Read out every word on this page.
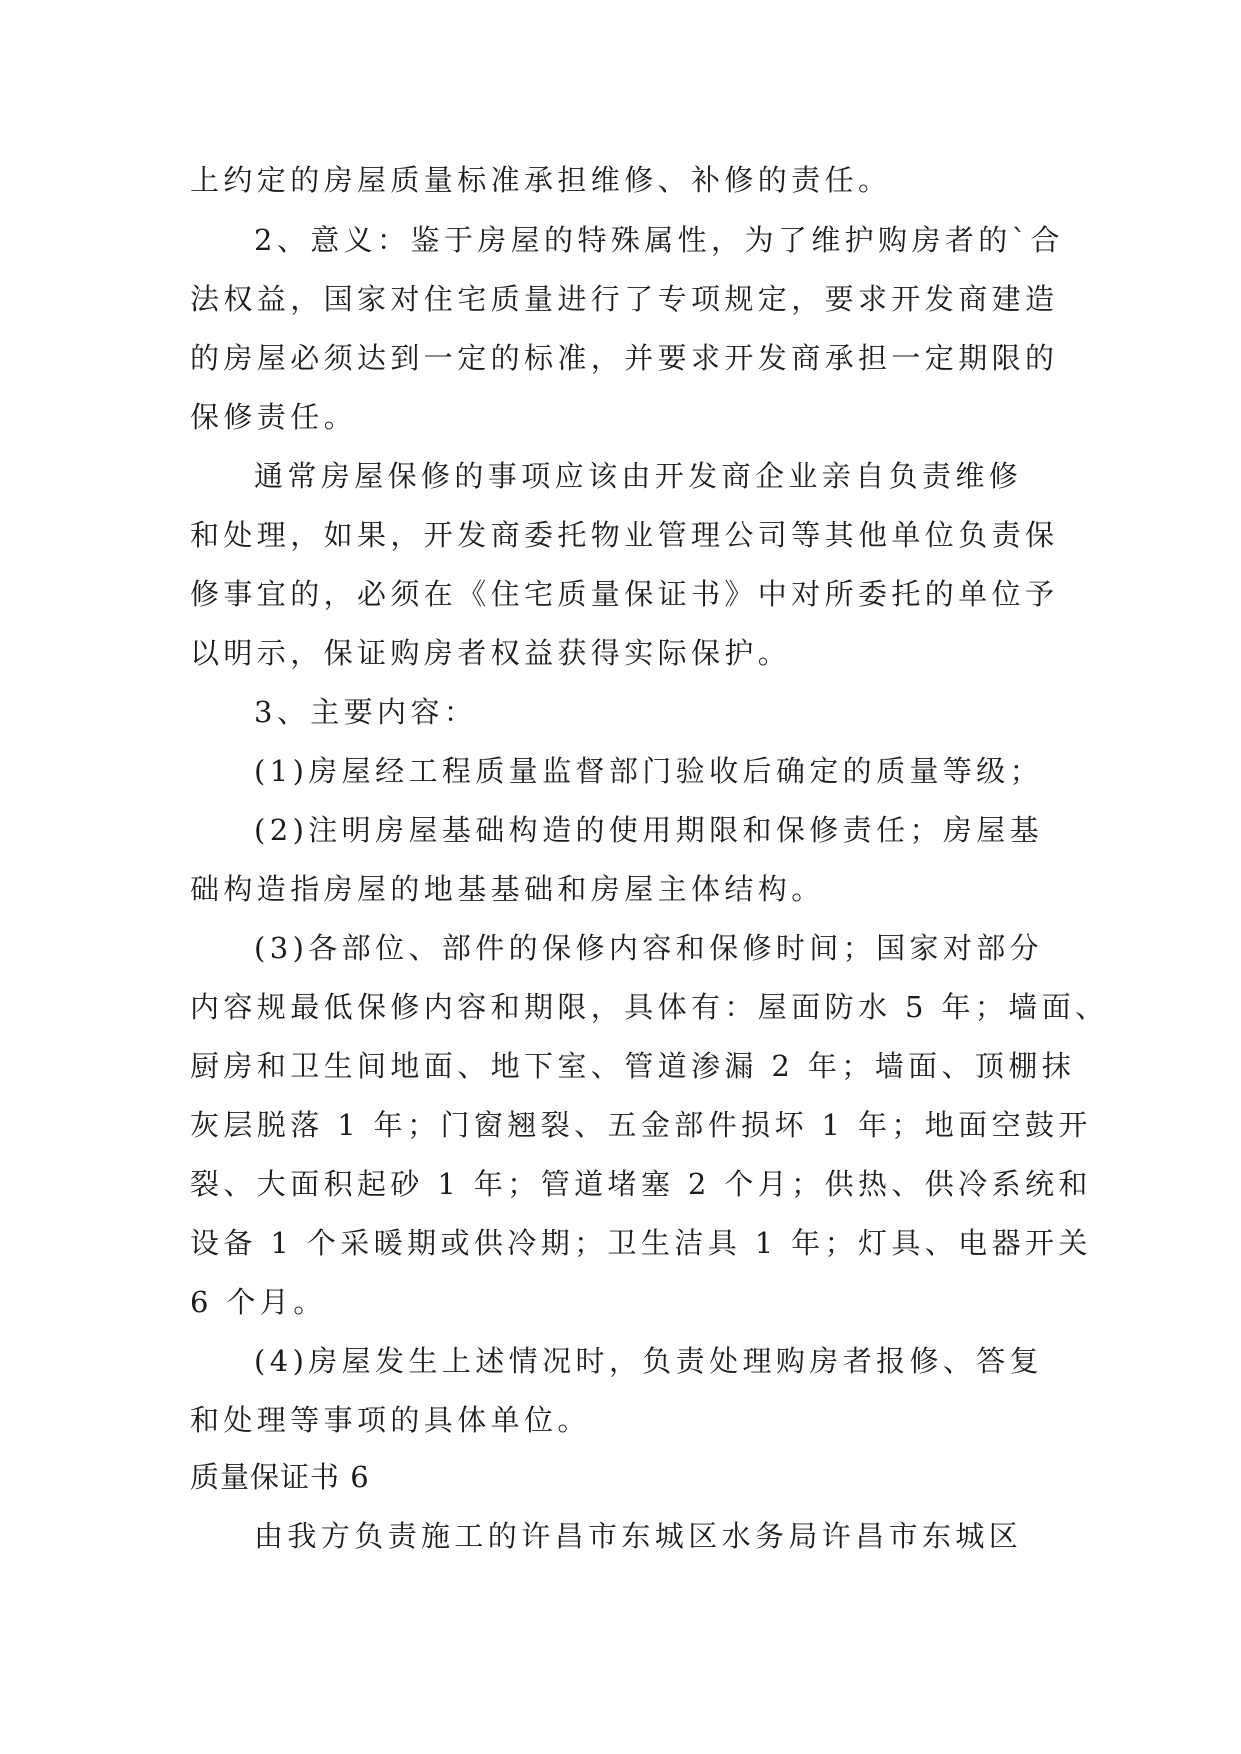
上约定的房屋质量标准承担维修、补修的责任。
2、意义：鉴于房屋的特殊属性，为了维护购房者的`合
法权益，国家对住宅质量进行了专项规定，要求开发商建造
的房屋必须达到一定的标准，并要求开发商承担一定期限的
保修责任。
通常房屋保修的事项应该由开发商企业亲自负责维修
和处理，如果，开发商委托物业管理公司等其他单位负责保
修事宜的，必须在《住宅质量保证书》中对所委托的单位予
以明示，保证购房者权益获得实际保护。
3、主要内容：
(1)房屋经工程质量监督部门验收后确定的质量等级；
(2)注明房屋基础构造的使用期限和保修责任；房屋基
础构造指房屋的地基基础和房屋主体结构。
(3)各部位、部件的保修内容和保修时间；国家对部分
内容规最低保修内容和期限，具体有：屋面防水 5 年；墙面、
厨房和卫生间地面、地下室、管道渗漏 2 年；墙面、顶棚抹
灰层脱落 1 年；门窗翘裂、五金部件损坏 1 年；地面空鼓开
裂、大面积起砂 1 年；管道堵塞 2 个月；供热、供冷系统和
设备 1 个采暖期或供冷期；卫生洁具 1 年；灯具、电器开关
6 个月。
(4)房屋发生上述情况时，负责处理购房者报修、答复
和处理等事项的具体单位。
质量保证书 6
由我方负责施工的许昌市东城区水务局许昌市东城区
